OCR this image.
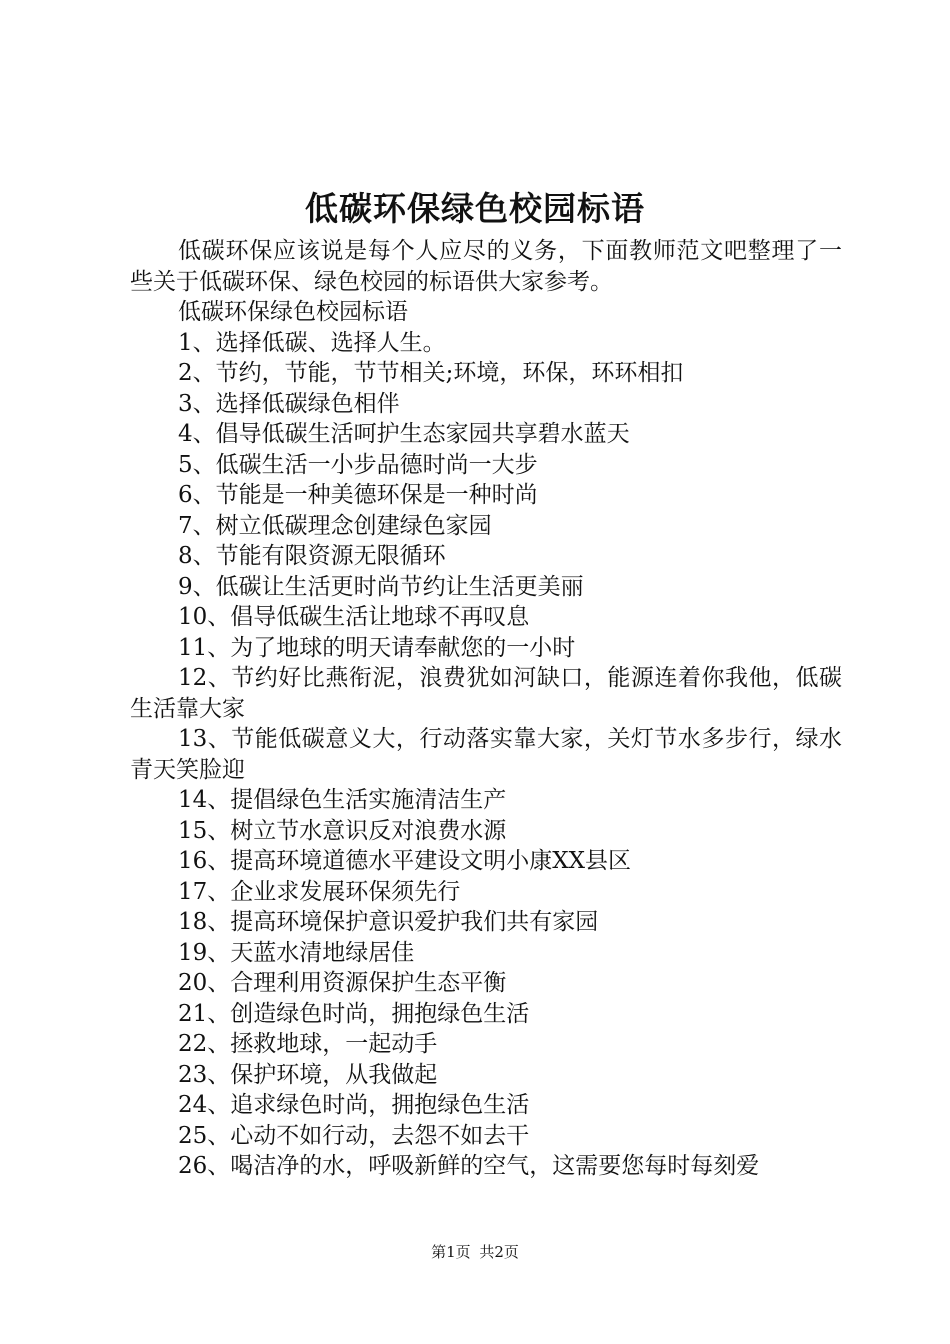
低碳环保绿色校园标语

低碳环保应该说是每个人应尽的义务，下面教师范文吧整理了一些关于低碳环保、绿色校园的标语供大家参考。

低碳环保绿色校园标语

1、选择低碳、选择人生。

2、节约，节能，节节相关;环境，环保，环环相扣

3、选择低碳绿色相伴

4、倡导低碳生活呵护生态家园共享碧水蓝天

5、低碳生活一小步品德时尚一大步

6、节能是一种美德环保是一种时尚

7、树立低碳理念创建绿色家园

8、节能有限资源无限循环

9、低碳让生活更时尚节约让生活更美丽

10、倡导低碳生活让地球不再叹息

11、为了地球的明天请奉献您的一小时

12、节约好比燕衔泥，浪费犹如河缺口，能源连着你我他，低碳生活靠大家

13、节能低碳意义大，行动落实靠大家，关灯节水多步行，绿水青天笑脸迎

14、提倡绿色生活实施清洁生产

15、树立节水意识反对浪费水源

16、提高环境道德水平建设文明小康XX县区

17、企业求发展环保须先行

18、提高环境保护意识爱护我们共有家园

19、天蓝水清地绿居佳

20、合理利用资源保护生态平衡

21、创造绿色时尚，拥抱绿色生活

22、拯救地球，一起动手

23、保护环境，从我做起

24、追求绿色时尚，拥抱绿色生活

25、心动不如行动，去怨不如去干

26、喝洁净的水，呼吸新鲜的空气，这需要您每时每刻爱

第1页 共2页
